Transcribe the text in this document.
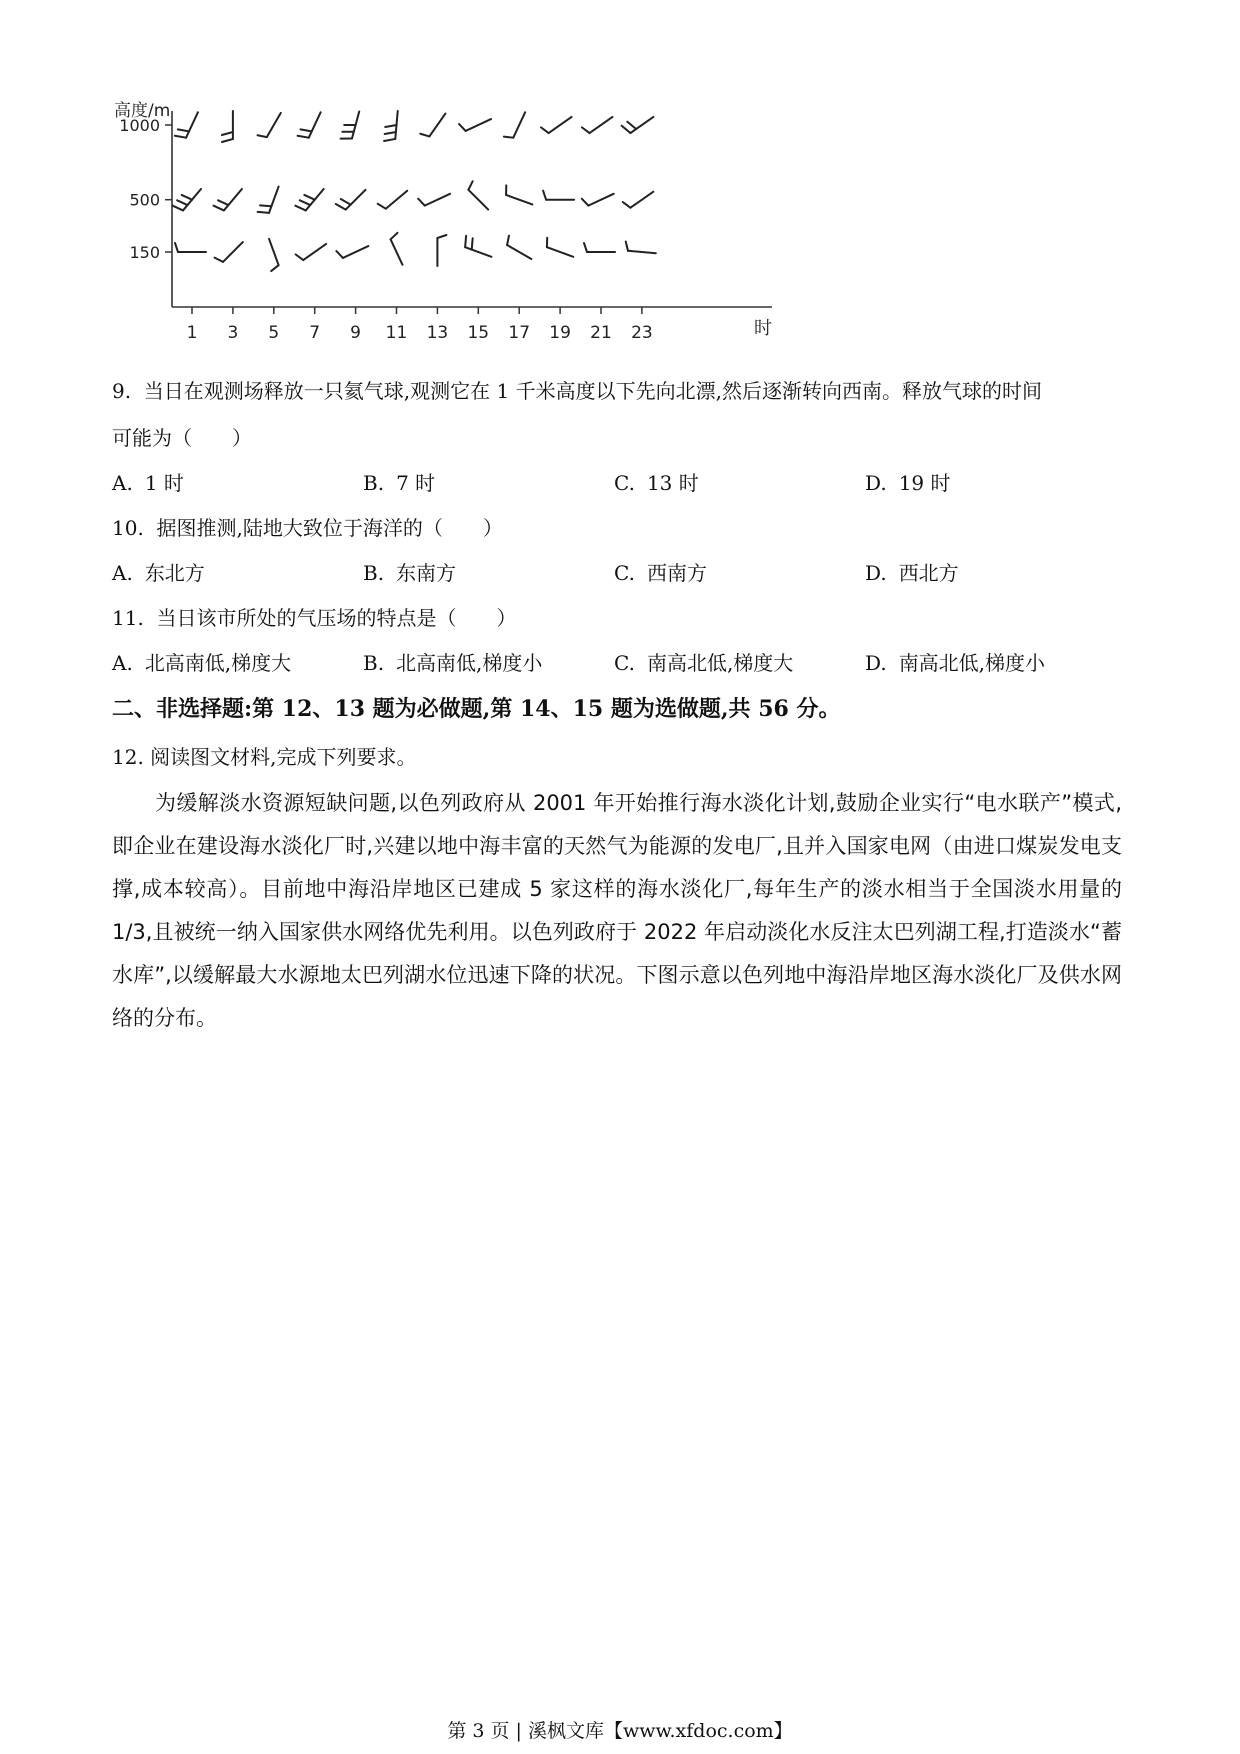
高度/m
时
1000
500
150
1 3 5 7 9 11 13 15 17 19 21 23
9. 当日在观测场释放一只氦气球,观测它在 1 千米高度以下先向北漂,然后逐渐转向西南。释放气球的时间
可能为（　　）
A. 1 时	B. 7 时	C. 13 时	D. 19 时
10. 据图推测,陆地大致位于海洋的（　　）
A. 东北方	B. 东南方	C. 西南方	D. 西北方
11. 当日该市所处的气压场的特点是（　　）
A. 北高南低,梯度大	B. 北高南低,梯度小	C. 南高北低,梯度大	D. 南高北低,梯度小
二、非选择题:第 12、13 题为必做题,第 14、15 题为选做题,共 56 分。
12. 阅读图文材料,完成下列要求。

为缓解淡水资源短缺问题,以色列政府从 2001 年开始推行海水淡化计划,鼓励企业实行“电水联产”模式,即企业在建设海水淡化厂时,兴建以地中海丰富的天然气为能源的发电厂,且并入国家电网（由进口煤炭发电支撑,成本较高）。目前地中海沿岸地区已建成 5 家这样的海水淡化厂,每年生产的淡水相当于全国淡水用量的 1/3,且被统一纳入国家供水网络优先利用。以色列政府于 2022 年启动淡化水反注太巴列湖工程,打造淡水“蓄水库”,以缓解最大水源地太巴列湖水位迅速下降的状况。下图示意以色列地中海沿岸地区海水淡化厂及供水网络的分布。

第 3 页 | 溪枫文库【www.xfdoc.com】
